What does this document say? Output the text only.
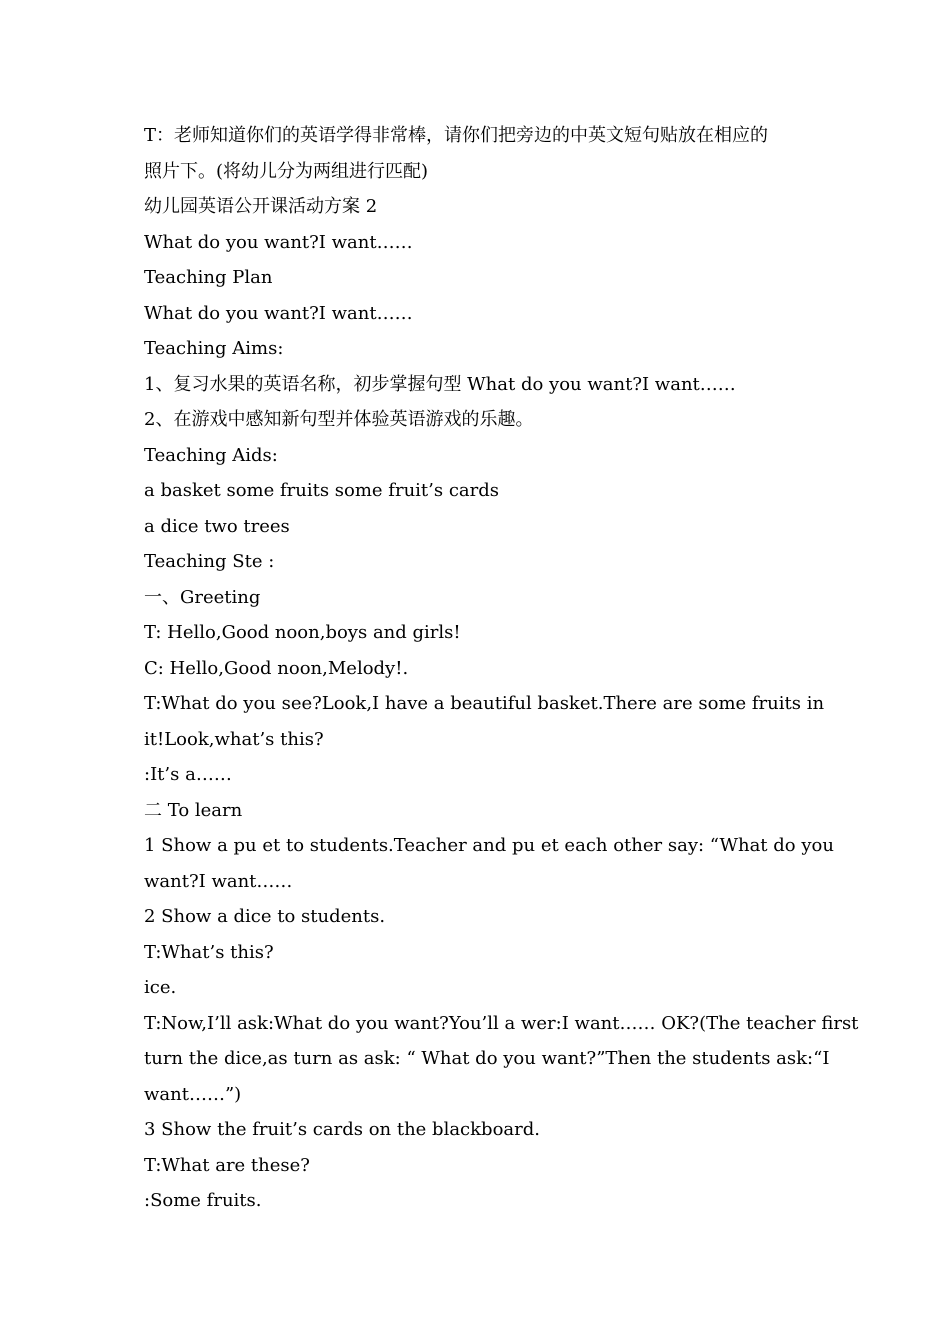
T：老师知道你们的英语学得非常棒，请你们把旁边的中英文短句贴放在相应的
照片下。(将幼儿分为两组进行匹配)
幼儿园英语公开课活动方案 2
What do you want?I want……
Teaching Plan
What do you want?I want……
Teaching Aims:
1、复习水果的英语名称，初步掌握句型 What do you want?I want……
2、在游戏中感知新句型并体验英语游戏的乐趣。
Teaching Aids:
a basket some fruits some fruit’s cards
a dice two trees
Teaching Ste :
一、Greeting
T: Hello,Good noon,boys and girls!
C: Hello,Good noon,Melody!.
T:What do you see?Look,I have a beautiful basket.There are some fruits in
it!Look,what’s this?
:It’s a……
二 To learn
1 Show a pu et to students.Teacher and pu et each other say: “What do you
want?I want……
2 Show a dice to students.
T:What’s this?
ice.
T:Now,I’ll ask:What do you want?You’ll a wer:I want…… OK?(The teacher first
turn the dice,as turn as ask: “ What do you want?”Then the students ask:“I
want……”)
3 Show the fruit’s cards on the blackboard.
T:What are these?
:Some fruits.
